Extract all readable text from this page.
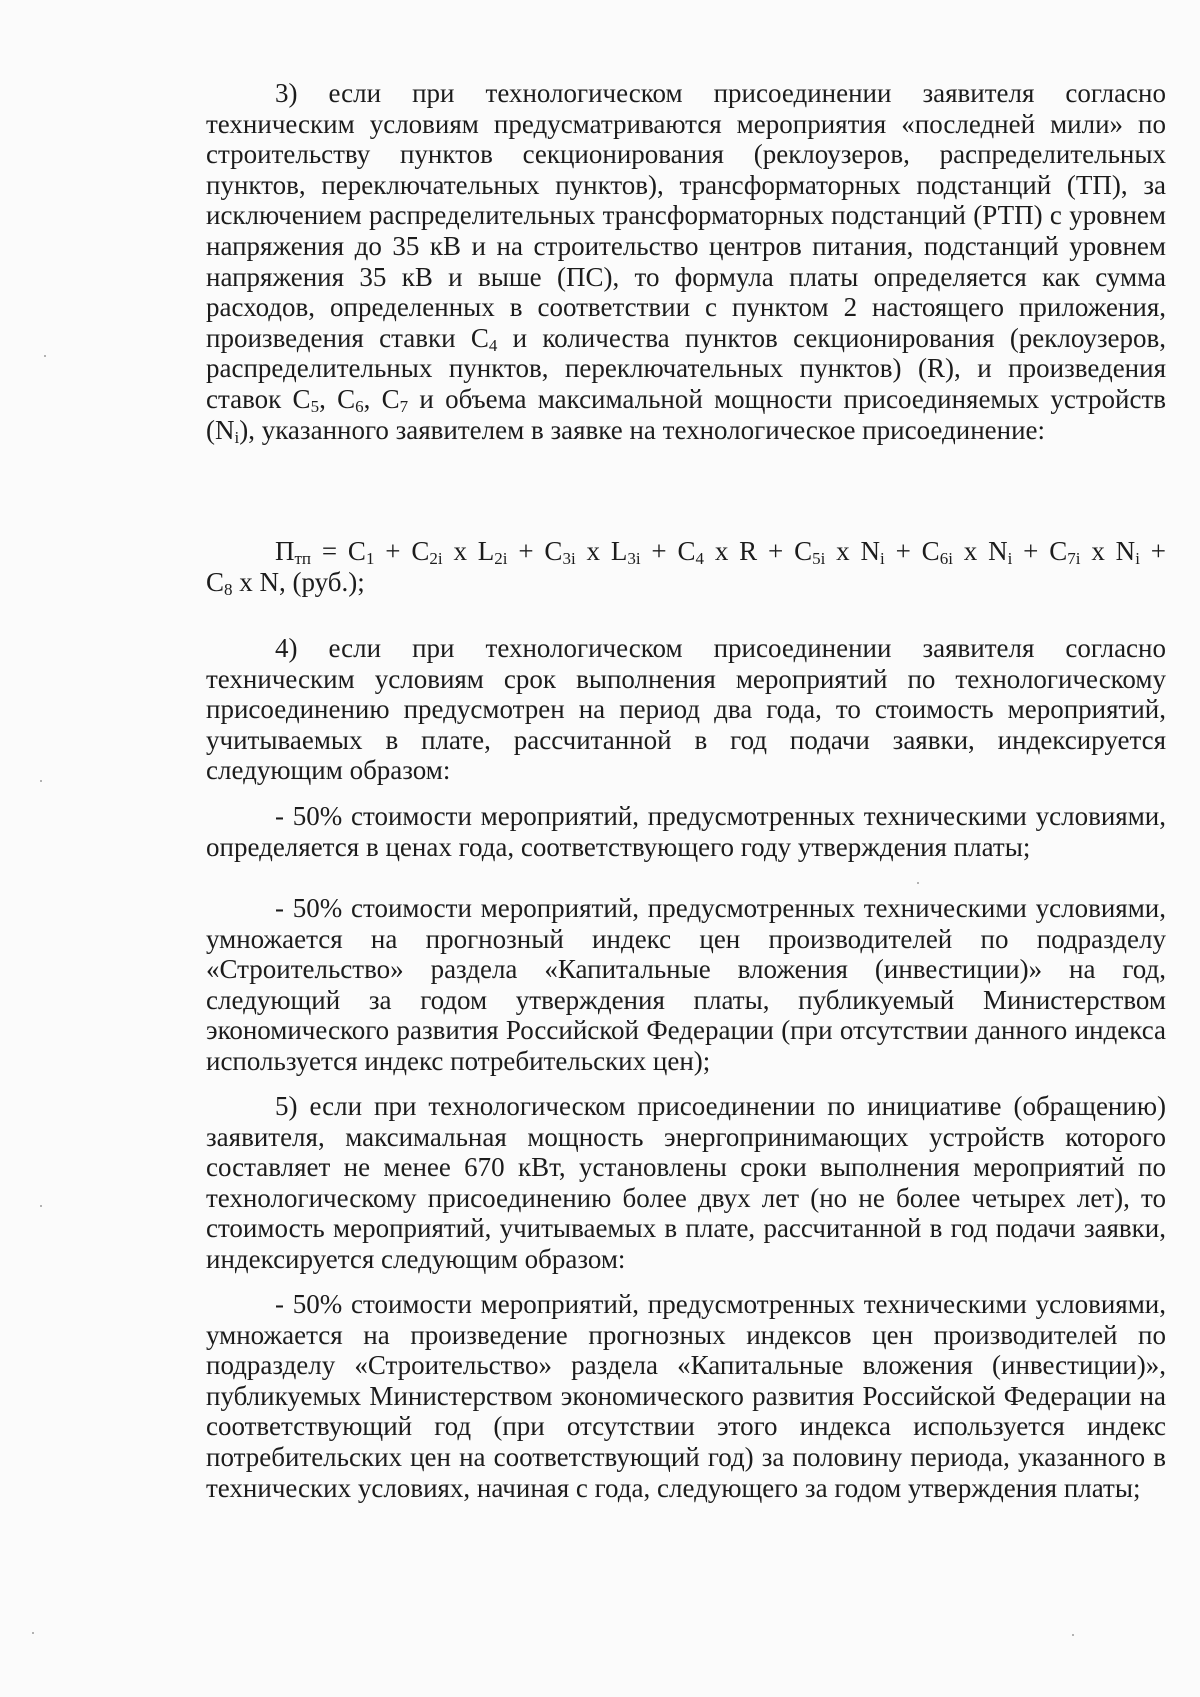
3) если при технологическом присоединении заявителя согласно техническим условиям предусматриваются мероприятия «последней мили» по строительству пунктов секционирования (реклоузеров, распределительных пунктов, переключательных пунктов), трансформаторных подстанций (ТП), за исключением распределительных трансформаторных подстанций (РТП) с уровнем напряжения до 35 кВ и на строительство центров питания, подстанций уровнем напряжения 35 кВ и выше (ПС), то формула платы определяется как сумма расходов, определенных в соответствии с пунктом 2 настоящего приложения, произведения ставки $C_4$ и количества пунктов секционирования (реклоузеров, распределительных пунктов, переключательных пунктов) (R), и произведения ставок $C_5$, $C_6$, $C_7$ и объема максимальной мощности присоединяемых устройств $(N_i)$, указанного заявителем в заявке на технологическое присоединение:

$П_{тп} = C_1 + C_{2i}$ x $L_{2i} + C_{3i}$ x $L_{3i} + C_4$ x $R + C_{5i}$ x $N_i + C_{6i}$ x $N_i + C_{7i}$ x $N_i$ +

$C_8$ x N, (руб.);

4) если при технологическом присоединении заявителя согласно техническим условиям срок выполнения мероприятий по технологическому присоединению предусмотрен на период два года, то стоимость мероприятий, учитываемых в плате, рассчитанной в год подачи заявки, индексируется следующим образом:

- 50% стоимости мероприятий, предусмотренных техническими условиями, определяется в ценах года, соответствующего году утверждения платы;

- 50% стоимости мероприятий, предусмотренных техническими условиями, умножается на прогнозный индекс цен производителей по подразделу «Строительство» раздела «Капитальные вложения (инвестиции)» на год, следующий за годом утверждения платы, публикуемый Министерством экономического развития Российской Федерации (при отсутствии данного индекса используется индекс потребительских цен);

5) если при технологическом присоединении по инициативе (обращению) заявителя, максимальная мощность энергопринимающих устройств которого составляет не менее 670 кВт, установлены сроки выполнения мероприятий по технологическому присоединению более двух лет (но не более четырех лет), то стоимость мероприятий, учитываемых в плате, рассчитанной в год подачи заявки, индексируется следующим образом:

- 50% стоимости мероприятий, предусмотренных техническими условиями, умножается на произведение прогнозных индексов цен производителей по подразделу «Строительство» раздела «Капитальные вложения (инвестиции)», публикуемых Министерством экономического развития Российской Федерации на соответствующий год (при отсутствии этого индекса используется индекс потребительских цен на соответствующий год) за половину периода, указанного в технических условиях, начиная с года, следующего за годом утверждения платы;
